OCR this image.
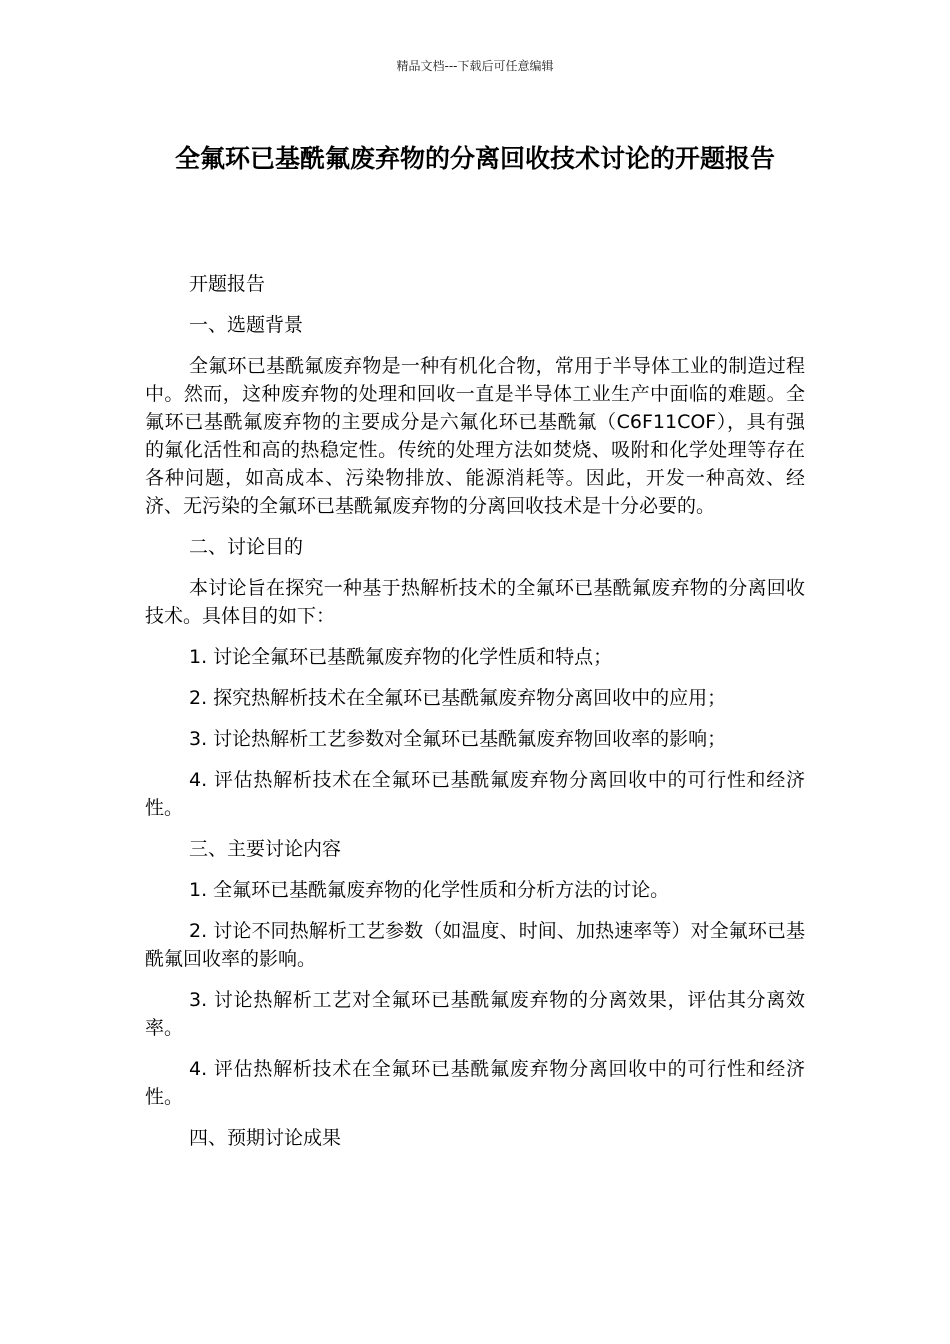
精品文档---下载后可任意编辑
全氟环已基酰氟废弃物的分离回收技术讨论的开题报告

开题报告

一、选题背景

全氟环已基酰氟废弃物是一种有机化合物，常用于半导体工业的制造过程中。然而，这种废弃物的处理和回收一直是半导体工业生产中面临的难题。全氟环已基酰氟废弃物的主要成分是六氟化环已基酰氟（C6F11COF），具有强的氟化活性和高的热稳定性。传统的处理方法如焚烧、吸附和化学处理等存在各种问题，如高成本、污染物排放、能源消耗等。因此，开发一种高效、经济、无污染的全氟环已基酰氟废弃物的分离回收技术是十分必要的。

二、讨论目的

本讨论旨在探究一种基于热解析技术的全氟环已基酰氟废弃物的分离回收技术。具体目的如下：

1. 讨论全氟环已基酰氟废弃物的化学性质和特点；

2. 探究热解析技术在全氟环已基酰氟废弃物分离回收中的应用；

3. 讨论热解析工艺参数对全氟环已基酰氟废弃物回收率的影响；

4. 评估热解析技术在全氟环已基酰氟废弃物分离回收中的可行性和经济性。

三、主要讨论内容

1. 全氟环已基酰氟废弃物的化学性质和分析方法的讨论。

2. 讨论不同热解析工艺参数（如温度、时间、加热速率等）对全氟环已基酰氟回收率的影响。

3. 讨论热解析工艺对全氟环已基酰氟废弃物的分离效果，评估其分离效率。

4. 评估热解析技术在全氟环已基酰氟废弃物分离回收中的可行性和经济性。

四、预期讨论成果
